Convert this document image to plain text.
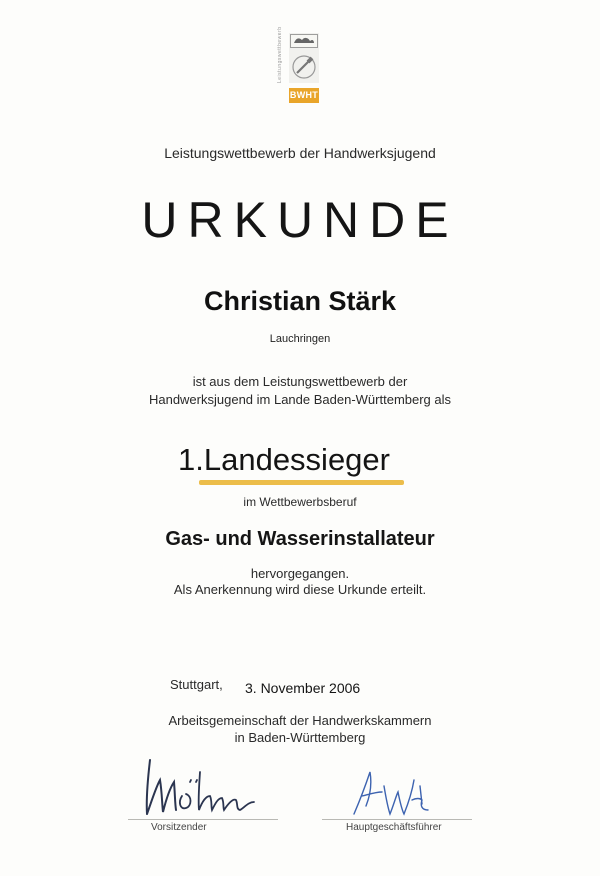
Leistungswettbewerb
BWHT
Leistungswettbewerb der Handwerksjugend
URKUNDE
Christian Stärk
Lauchringen
ist aus dem Leistungswettbewerb der
Handwerksjugend im Lande Baden-Württemberg als
1.Landessieger
im Wettbewerbsberuf
Gas- und Wasserinstallateur
hervorgegangen.
Als Anerkennung wird diese Urkunde erteilt.
Stuttgart, 3. November 2006
Arbeitsgemeinschaft der Handwerkskammern
in Baden-Württemberg
Vorsitzender	Hauptgeschäftsführer
